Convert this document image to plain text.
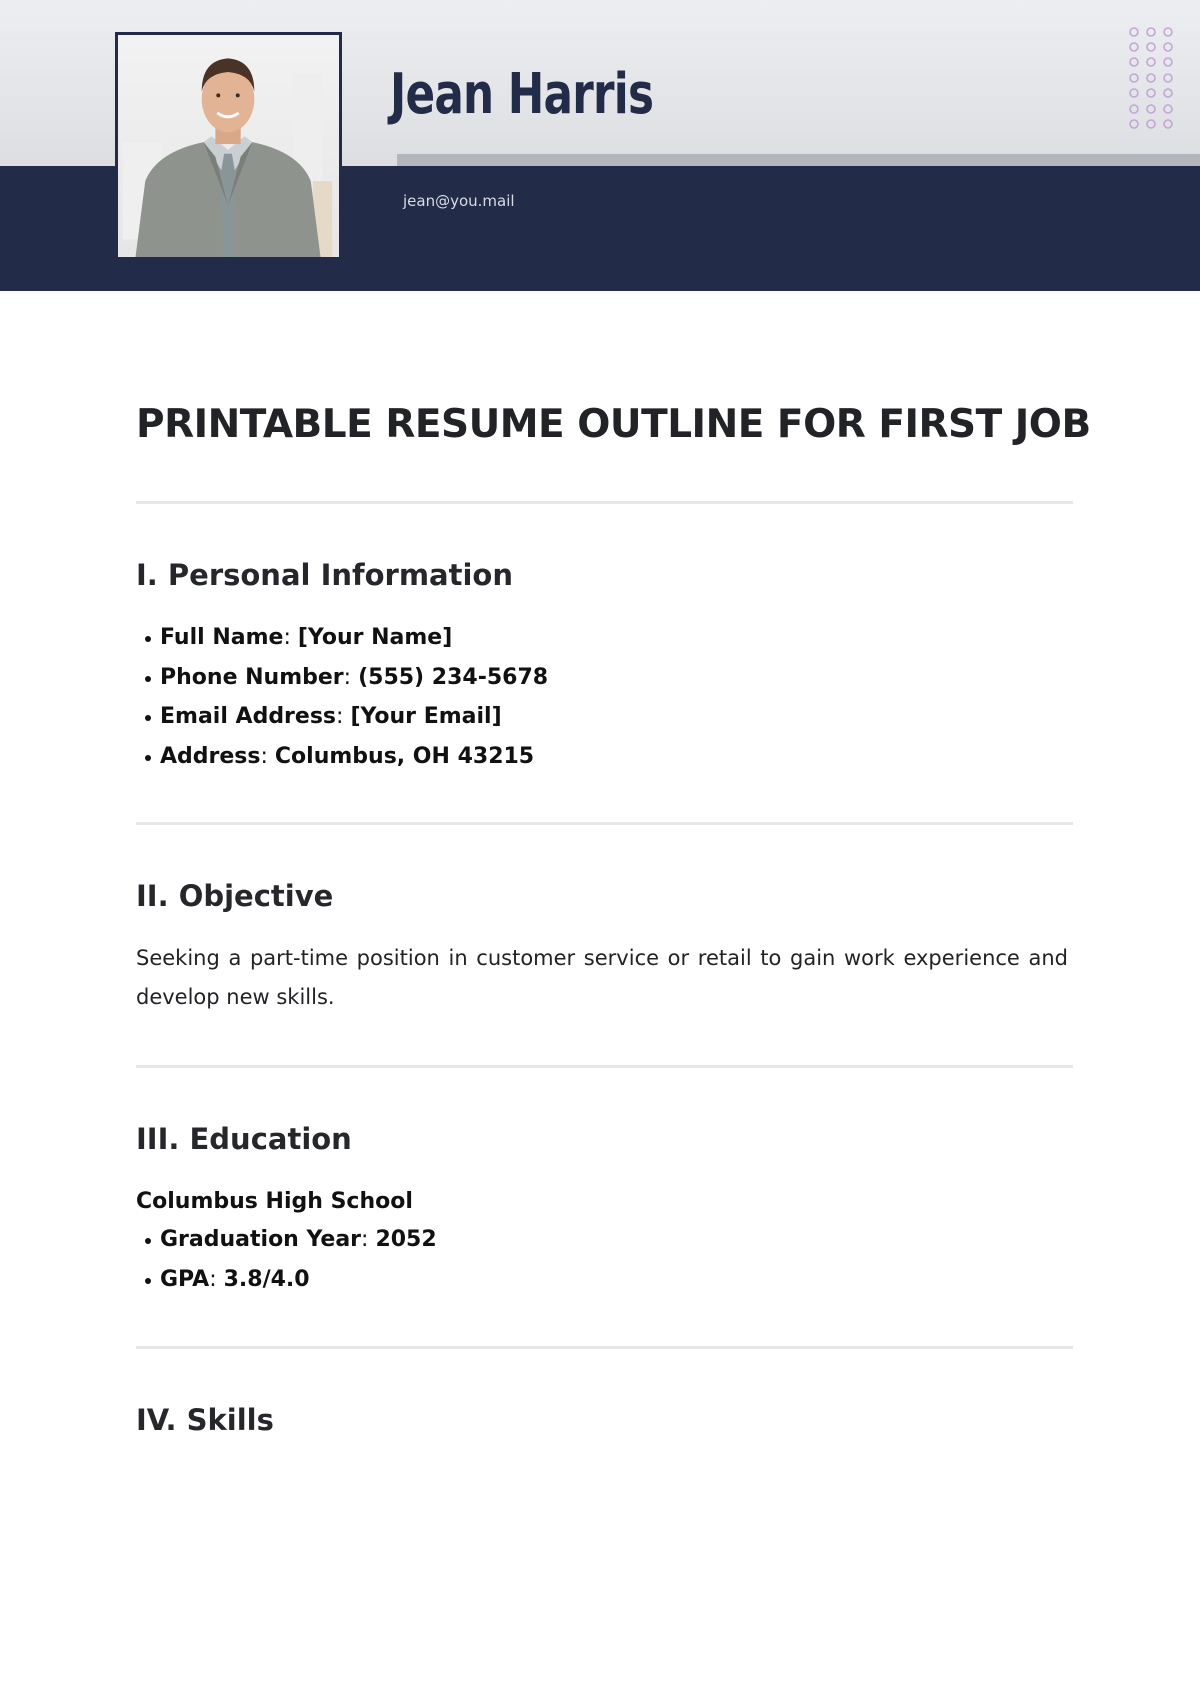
Jean Harris
jean@you.mail
PRINTABLE RESUME OUTLINE FOR FIRST JOB
I. Personal Information
Full Name: [Your Name]
Phone Number: (555) 234-5678
Email Address: [Your Email]
Address: Columbus, OH 43215
II. Objective

Seeking a part-time position in customer service or retail to gain work experience and develop new skills.

III. Education
Columbus High School
Graduation Year: 2052
GPA: 3.8/4.0
IV. Skills
